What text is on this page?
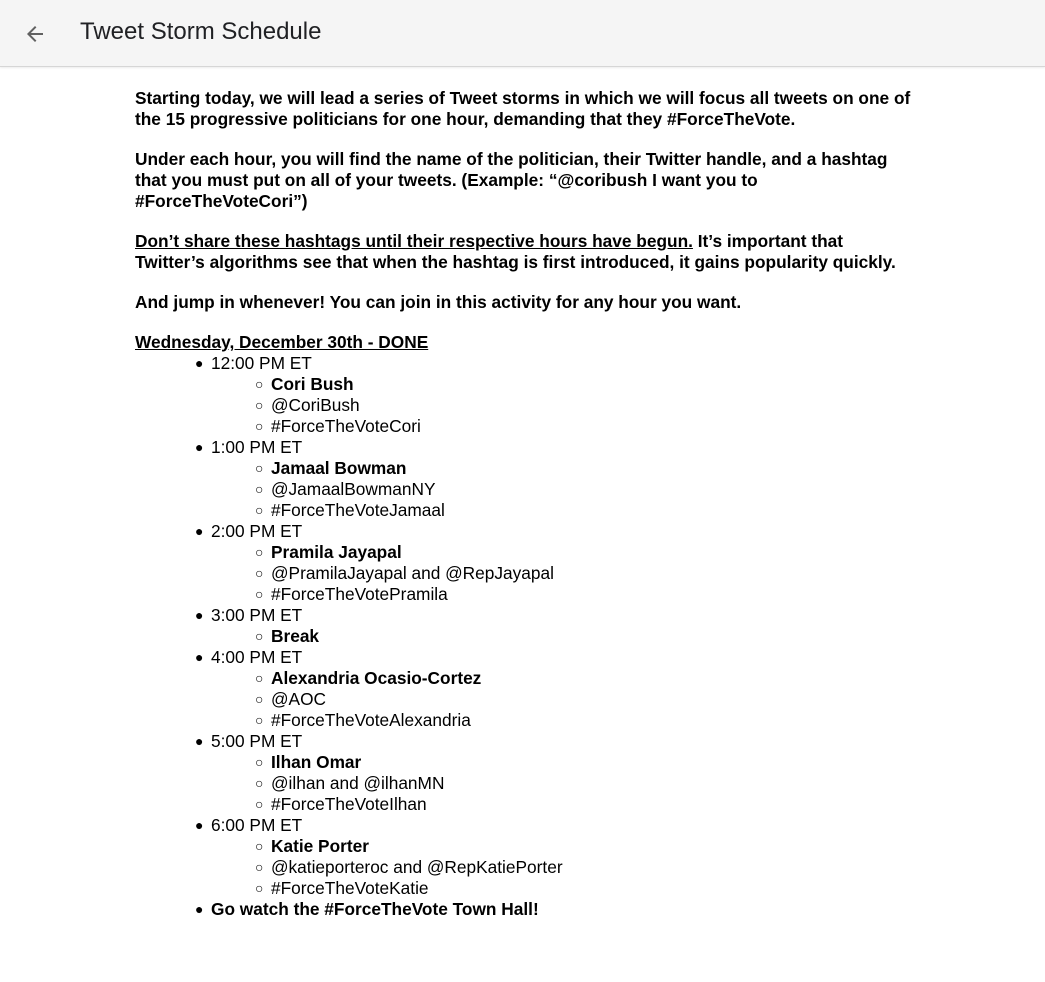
Tweet Storm Schedule

Starting today, we will lead a series of Tweet storms in which we will focus all tweets on one of the 15 progressive politicians for one hour, demanding that they #ForceTheVote.

Under each hour, you will find the name of the politician, their Twitter handle, and a hashtag that you must put on all of your tweets. (Example: “@coribush I want you to #ForceTheVoteCori”)

Don’t share these hashtags until their respective hours have begun. It’s important that Twitter’s algorithms see that when the hashtag is first introduced, it gains popularity quickly.

And jump in whenever! You can join in this activity for any hour you want.

Wednesday, December 30th - DONE

● 12:00 PM ET
○ Cori Bush
○ @CoriBush
○ #ForceTheVoteCori
● 1:00 PM ET
○ Jamaal Bowman
○ @JamaalBowmanNY
○ #ForceTheVoteJamaal
● 2:00 PM ET
○ Pramila Jayapal
○ @PramilaJayapal and @RepJayapal
○ #ForceTheVotePramila
● 3:00 PM ET
○ Break
● 4:00 PM ET
○ Alexandria Ocasio-Cortez
○ @AOC
○ #ForceTheVoteAlexandria
● 5:00 PM ET
○ Ilhan Omar
○ @ilhan and @ilhanMN
○ #ForceTheVoteIlhan
● 6:00 PM ET
○ Katie Porter
○ @katieporteroc and @RepKatiePorter
○ #ForceTheVoteKatie
● Go watch the #ForceTheVote Town Hall!
